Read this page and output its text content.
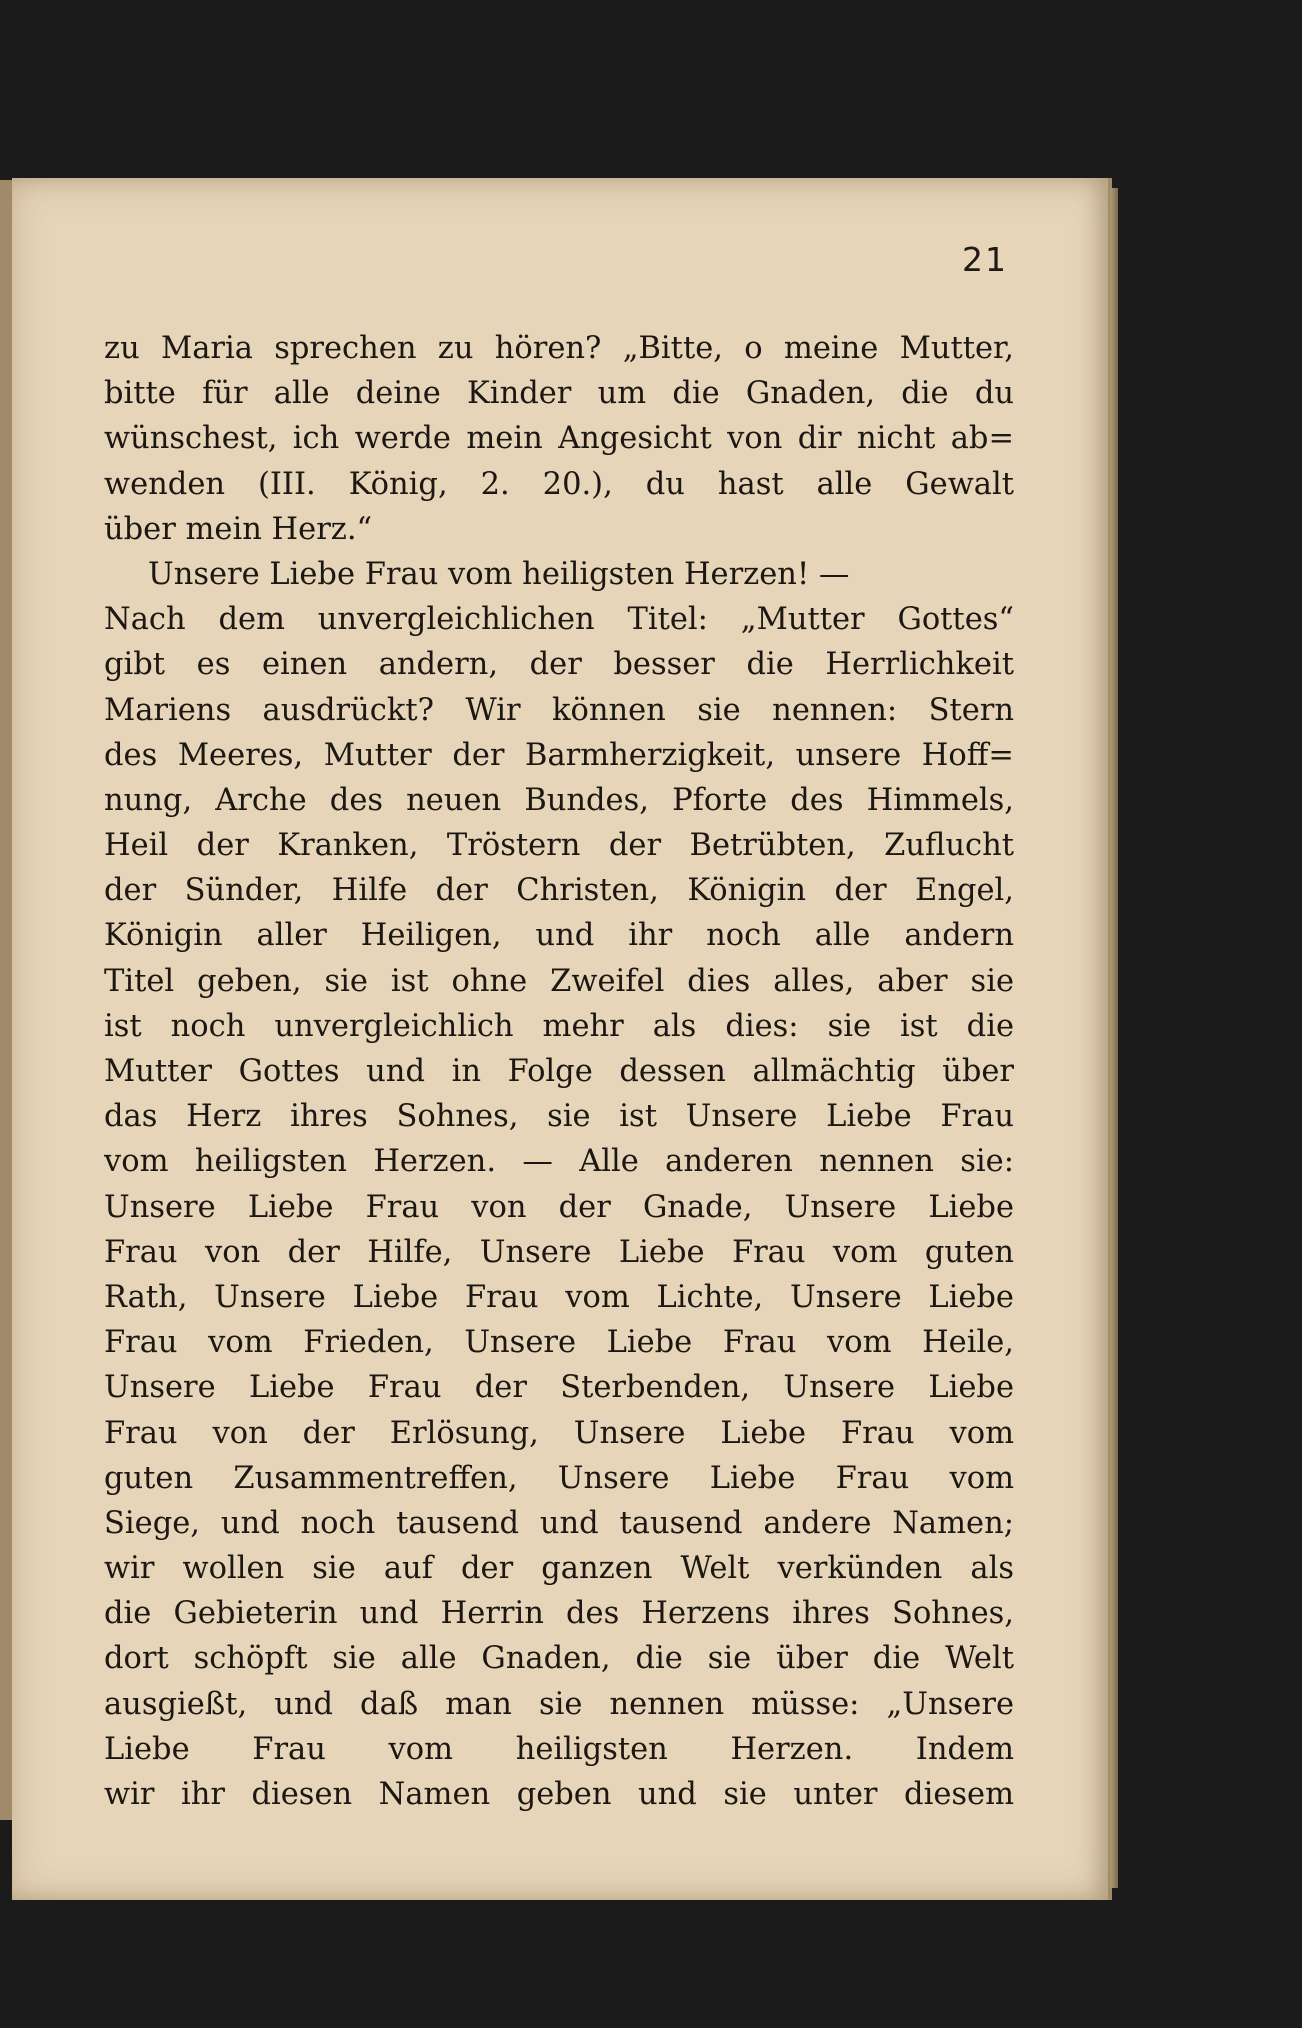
21
zu Maria sprechen zu hören? „Bitte, o meine Mutter,
bitte für alle deine Kinder um die Gnaden, die du
wünschest, ich werde mein Angesicht von dir nicht ab=
wenden (III. König, 2. 20.), du hast alle Gewalt
über mein Herz.“
Unsere Liebe Frau vom heiligsten Herzen! —
Nach dem unvergleichlichen Titel: „Mutter Gottes“
gibt es einen andern, der besser die Herrlichkeit
Mariens ausdrückt? Wir können sie nennen: Stern
des Meeres, Mutter der Barmherzigkeit, unsere Hoff=
nung, Arche des neuen Bundes, Pforte des Himmels,
Heil der Kranken, Tröstern der Betrübten, Zuflucht
der Sünder, Hilfe der Christen, Königin der Engel,
Königin aller Heiligen, und ihr noch alle andern
Titel geben, sie ist ohne Zweifel dies alles, aber sie
ist noch unvergleichlich mehr als dies: sie ist die
Mutter Gottes und in Folge dessen allmächtig über
das Herz ihres Sohnes, sie ist Unsere Liebe Frau
vom heiligsten Herzen. — Alle anderen nennen sie:
Unsere Liebe Frau von der Gnade, Unsere Liebe
Frau von der Hilfe, Unsere Liebe Frau vom guten
Rath, Unsere Liebe Frau vom Lichte, Unsere Liebe
Frau vom Frieden, Unsere Liebe Frau vom Heile,
Unsere Liebe Frau der Sterbenden, Unsere Liebe
Frau von der Erlösung, Unsere Liebe Frau vom
guten Zusammentreffen, Unsere Liebe Frau vom
Siege, und noch tausend und tausend andere Namen;
wir wollen sie auf der ganzen Welt verkünden als
die Gebieterin und Herrin des Herzens ihres Sohnes,
dort schöpft sie alle Gnaden, die sie über die Welt
ausgießt, und daß man sie nennen müsse: „Unsere
Liebe Frau vom heiligsten Herzen. Indem
wir ihr diesen Namen geben und sie unter diesem
